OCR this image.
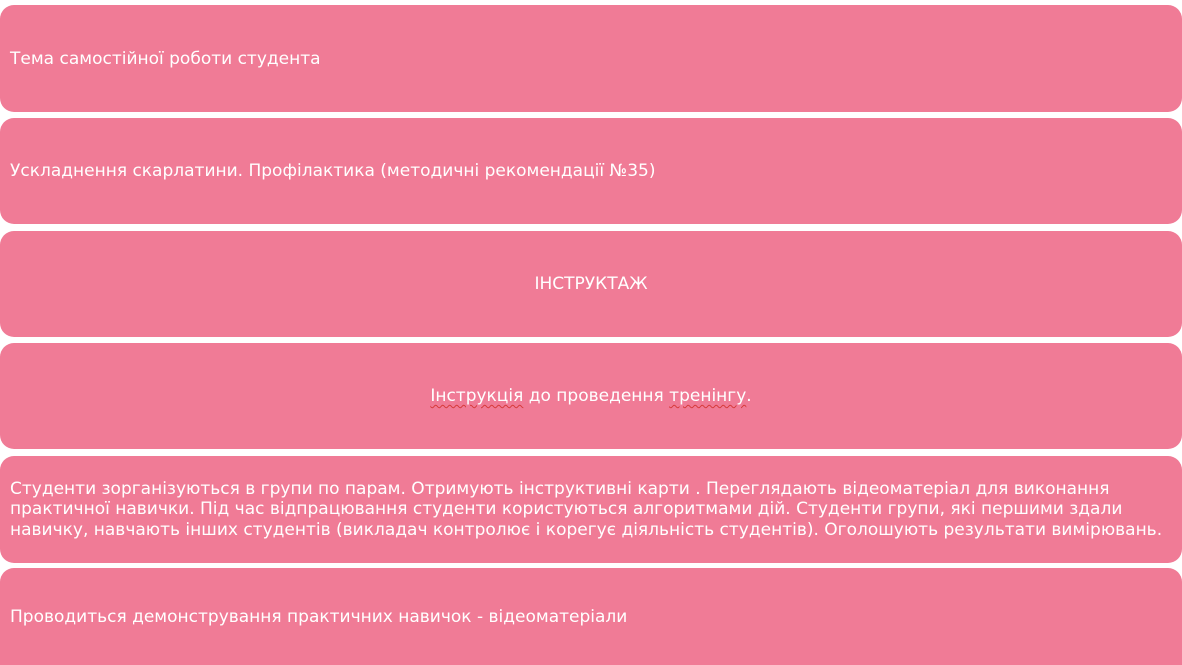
Тема самостійної роботи студента
Ускладнення скарлатини. Профілактика (методичні рекомендації №35)
ІНСТРУКТАЖ
Інструкція до проведення тренінгу.
Студенти зорганізуються в групи по парам. Отримують інструктивні карти . Переглядають відеоматеріал для виконання практичної навички. Під час відпрацювання студенти користуються алгоритмами дій. Студенти групи, які першими здали навичку, навчають інших студентів (викладач контролює і корегує діяльність студентів). Оголошують результати вимірювань.
Проводиться демонстрування практичних навичок - відеоматеріали
